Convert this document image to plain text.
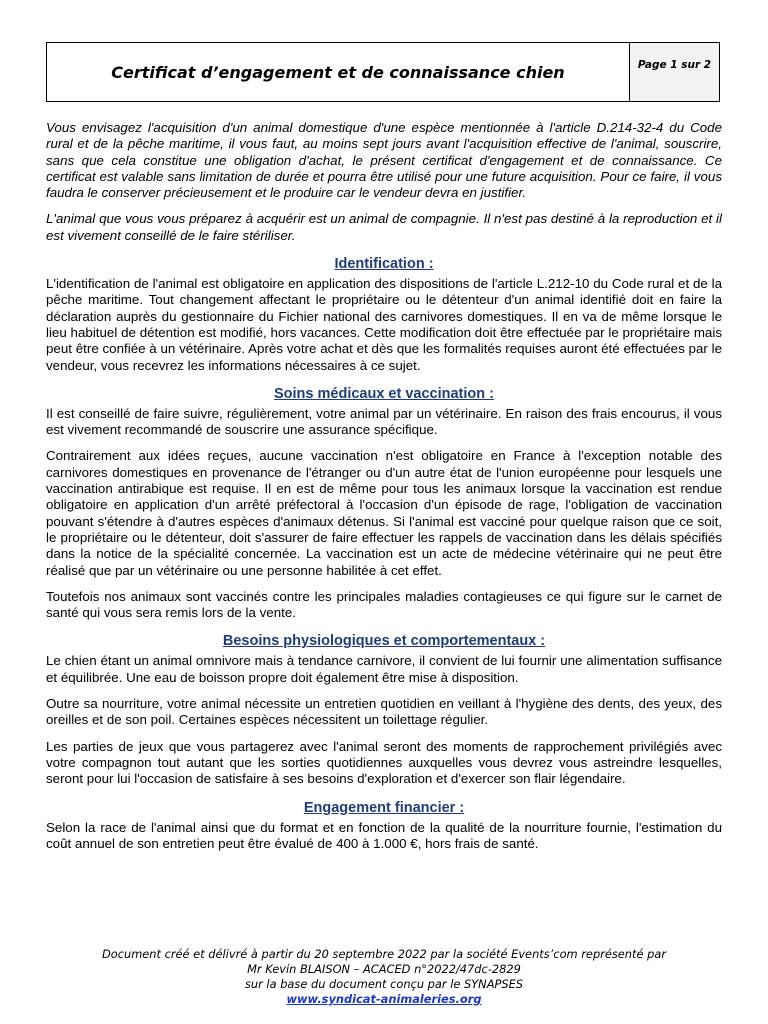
Certificat d’engagement et de connaissance chien	Page 1 sur 2

Vous envisagez l'acquisition d'un animal domestique d'une espèce mentionnée à l'article D.214-32-4 du Code rural et de la pêche maritime, il vous faut, au moins sept jours avant l'acquisition effective de l'animal, souscrire, sans que cela constitue une obligation d'achat, le présent certificat d'engagement et de connaissance. Ce certificat est valable sans limitation de durée et pourra être utilisé pour une future acquisition. Pour ce faire, il vous faudra le conserver précieusement et le produire car le vendeur devra en justifier.

L'animal que vous vous préparez à acquérir est un animal de compagnie. Il n'est pas destiné à la reproduction et il est vivement conseillé de le faire stériliser.

Identification :

L'identification de l'animal est obligatoire en application des dispositions de l'article L.212-10 du Code rural et de la pêche maritime. Tout changement affectant le propriétaire ou le détenteur d'un animal identifié doit en faire la déclaration auprès du gestionnaire du Fichier national des carnivores domestiques. Il en va de même lorsque le lieu habituel de détention est modifié, hors vacances. Cette modification doit être effectuée par le propriétaire mais peut être confiée à un vétérinaire. Après votre achat et dès que les formalités requises auront été effectuées par le vendeur, vous recevrez les informations nécessaires à ce sujet.

Soins médicaux et vaccination :

Il est conseillé de faire suivre, régulièrement, votre animal par un vétérinaire. En raison des frais encourus, il vous est vivement recommandé de souscrire une assurance spécifique.

Contrairement aux idées reçues, aucune vaccination n'est obligatoire en France à l'exception notable des carnivores domestiques en provenance de l'étranger ou d'un autre état de l'union européenne pour lesquels une vaccination antirabique est requise. Il en est de même pour tous les animaux lorsque la vaccination est rendue obligatoire en application d'un arrêté préfectoral à l'occasion d'un épisode de rage, l'obligation de vaccination pouvant s'étendre à d'autres espèces d'animaux détenus. Si l'animal est vacciné pour quelque raison que ce soit, le propriétaire ou le détenteur, doit s'assurer de faire effectuer les rappels de vaccination dans les délais spécifiés dans la notice de la spécialité concernée. La vaccination est un acte de médecine vétérinaire qui ne peut être réalisé que par un vétérinaire ou une personne habilitée à cet effet.

Toutefois nos animaux sont vaccinés contre les principales maladies contagieuses ce qui figure sur le carnet de santé qui vous sera remis lors de la vente.

Besoins physiologiques et comportementaux :

Le chien étant un animal omnivore mais à tendance carnivore, il convient de lui fournir une alimentation suffisance et équilibrée. Une eau de boisson propre doit également être mise à disposition.

Outre sa nourriture, votre animal nécessite un entretien quotidien en veillant à l'hygiène des dents, des yeux, des oreilles et de son poil. Certaines espèces nécessitent un toilettage régulier.

Les parties de jeux que vous partagerez avec l'animal seront des moments de rapprochement privilégiés avec votre compagnon tout autant que les sorties quotidiennes auxquelles vous devrez vous astreindre lesquelles, seront pour lui l'occasion de satisfaire à ses besoins d'exploration et d'exercer son flair légendaire.

Engagement financier :

Selon la race de l'animal ainsi que du format et en fonction de la qualité de la nourriture fournie, l'estimation du coût annuel de son entretien peut être évalué de 400 à 1.000 €, hors frais de santé.

Document créé et délivré à partir du 20 septembre 2022 par la société Events’com représenté par
Mr Kevin BLAISON – ACACED n°2022/47dc-2829
sur la base du document conçu par le SYNAPSES
www.syndicat-animaleries.org
